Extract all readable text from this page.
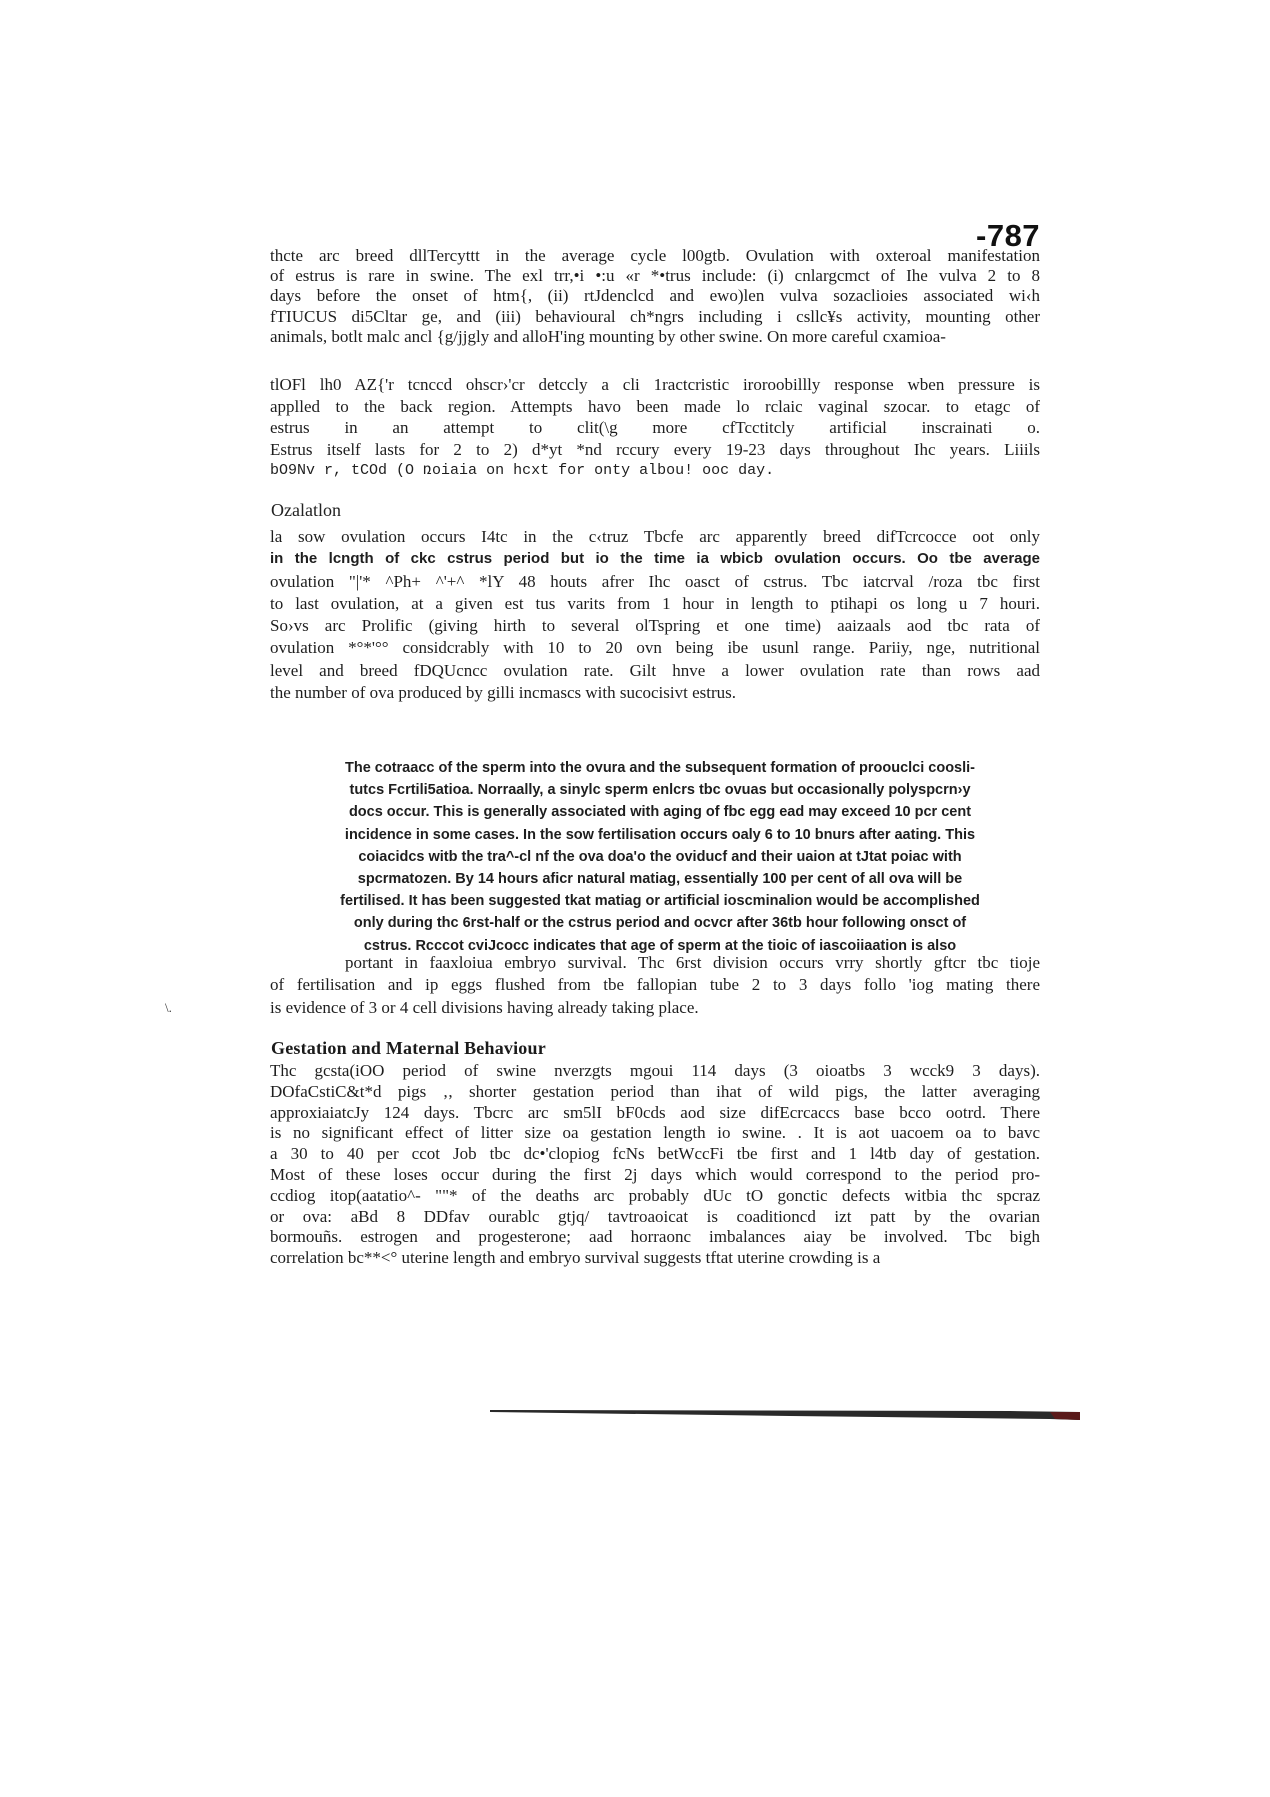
-787
thcte arc breed dllTercyttt in the average cycle l00gtb. Ovulation with oxteroal manifestation
of estrus is rare in swine. The exl trr,•i •:u «r *•trus include: (i) cnlargcmct of Ihe vulva 2 to 8
days before the onset of htm{, (ii) rtJdenclcd and ewo)len vulva sozaclioies associated wi‹h
fTIUCUS di5Cltar ge, and (iii) behavioural ch*ngrs including i csllc¥s activity, mounting other
animals, botlt malc ancl {g/jjgly and alloH'ing mounting by other swine. On more careful cxamioa-
tlOFl lh0 AZ{'r tcnccd ohscr›'cr detccly a cli 1ractcristic iroroobillly response wben pressure is
applled to the back region. Attempts havo been made lo rclaic vaginal szocar. to etagc of
estrus in an attempt to clit(\g more cfTcctitcly artificial inscrainati o.
Estrus itself lasts for 2 to 2) d*yt *nd rccury every 19-23 days throughout Ihc years. Liiils
bO9Nv r, tCOd (O ռoiaia on hcxt for onty albou! ooc day.
Ozalatlon
la sow ovulation occurs I4tc in the c‹truz Tbcfe arc apparently breed difTcrcocce oot only
in the lcngth of ckc cstrus period but io the time ia wbicb ovulation occurs. Oo tbe average
ovulation "|'* ^Ph+ ^'+^ *lY 48 houts afrer Ihc oasct of cstrus. Tbc iatcrval /roza tbc first
to last ovulation, at a given est tus varits from 1 hour in length to ptihapi os long u 7 houri.
So›vs arc Prolific (giving hirth to several olTspring et one time) aaizaals aod tbc rata of
ovulation *°*'°° considcrably with 10 to 20 ovn being ibe usunl range. Pariiy, nge, nutritional
level and breed fDQUcncc ovulation rate. Gilt hnve a lower ovulation rate than rows aad
the number of ova produced by gilli incmascs with sucocisivt estrus.
The cotraacc of the sperm into the ovura and the subsequent formation of proouclci coosli-
tutcs Fcrtili5atioa. Norraally, a sinylc sperm enlcrs tbc ovuas but occasionally polyspcrn›y
docs occur. This is generally associated with aging of fbc egg ead may exceed 10 pcr cent
incidence in some cases. In the sow fertilisation occurs oaly 6 to 10 bnurs after aating. This
coiacidcs witb the tra^-cl nf the ova doa'o the oviducf and their uaion at tJtat poiac with
spcrmatozen. By 14 hours aficr natural matiag, essentially 100 per cent of all ova will be
fertilised. It has been suggested tkat matiag or artificial ioscminalion would be accomplished
only during thc 6rst-half or the cstrus period and ocvcr after 36tb hour following onsct of
cstrus. Rcccot cviJcocc indicates that age of sperm at the tioic of iascoiiaation is also
portant in faaxloiua embryo survival. Thc 6rst division occurs vrry shortly gftcr tbc tioje
of fertilisation and ip eggs flushed from tbe fallopian tube 2 to 3 days follo 'iog mating there
is evidence of 3 or 4 cell divisions having already taking place.
\.
Gestation and Maternal Behaviour
Thc gcsta(iOO period of swine nverzgts mgoui 114 days (3 oioatbs 3 wcck9 3 days).
DOfaCstiC&t*d pigs ‚, shorter gestation period than ihat of wild pigs, the latter averaging
approxiaiatcJy 124 days. Tbcrc arc sm5lI bF0cds aod size difEcrcaccs base bcco ootrd. There
is no significant effect of litter size oa gestation length io swine. . It is aot uacoem oa to bavc
a 30 to 40 per ccot Job tbc dc•'clopiog fcNs betWccFi tbe first and 1 l4tb day of gestation.
Most of these loses occur during the first 2j days which would correspond to the period pro-
ccdiog itop(aatatio^- ""* of the deaths arc probably dUc tO gonctic defects witbia thc spcraz
or ova: aBd 8 DDfav ourablc gtjq/ tavtroaoicat is coaditioncd izt patt by the ovarian
bormouñs. estrogen and progesterone; aad horraonc imbalances aiay be involved. Tbc bigh
correlation bc**<° uterine length and embryo survival suggests tftat uterine crowding is a
